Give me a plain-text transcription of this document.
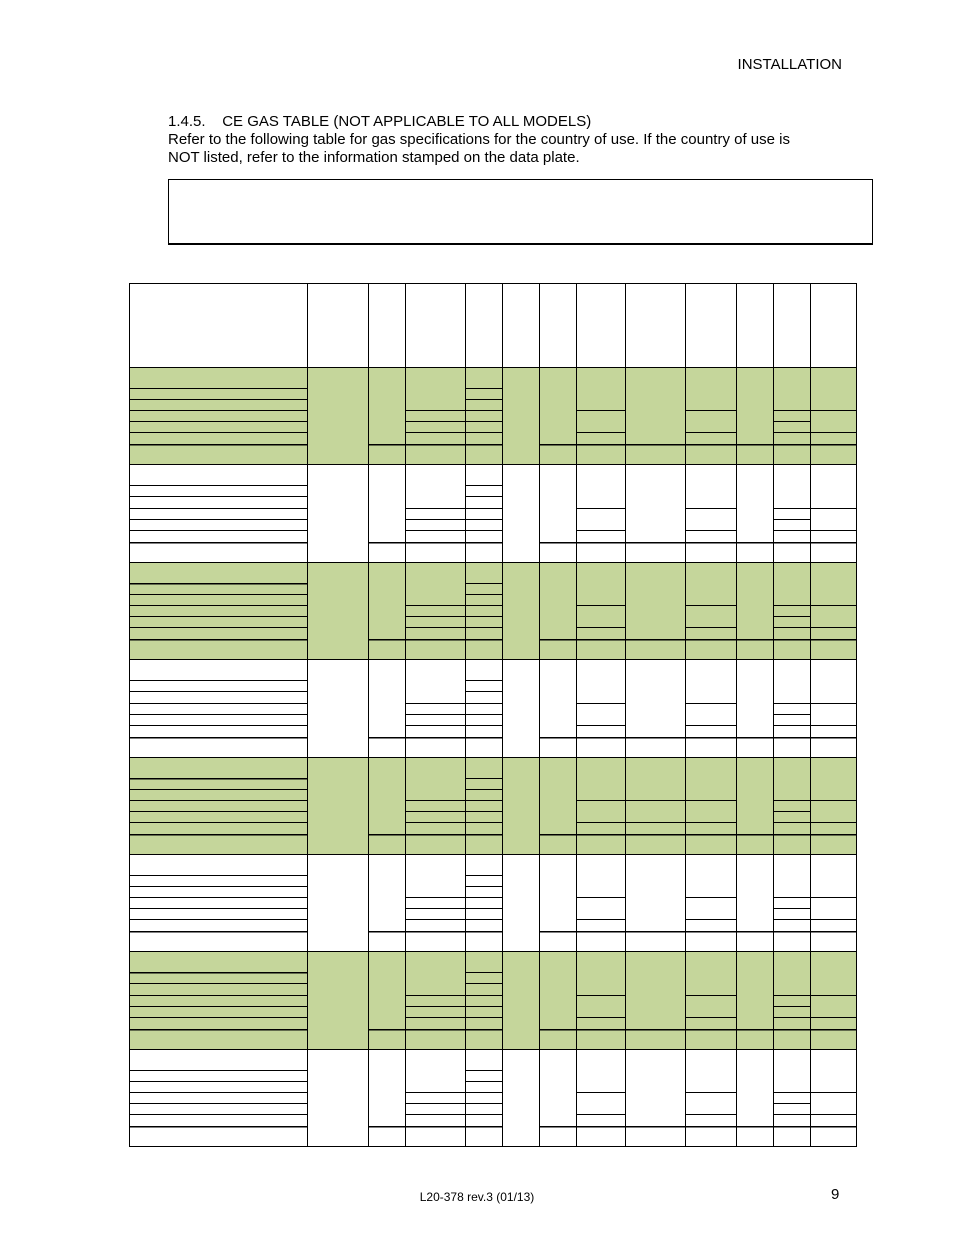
INSTALLATION
1.4.5. CE GAS TABLE (NOT APPLICABLE TO ALL MODELS)
Refer to the following table for gas specifications for the country of use. If the country of use is
NOT listed, refer to the information stamped on the data plate.
L20-378 rev.3 (01/13)	9
